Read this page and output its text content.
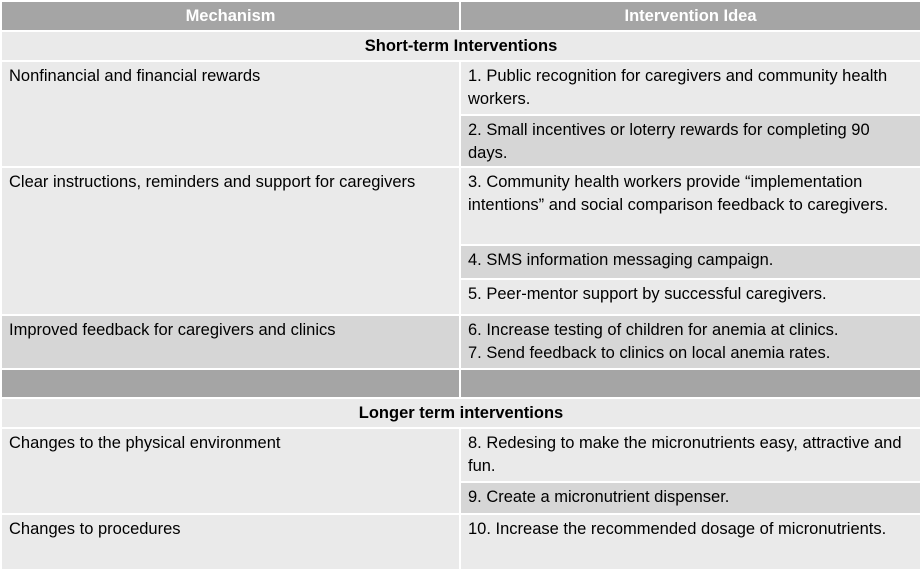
Mechanism	Intervention Idea
Short-term Interventions	
Nonfinancial and financial rewards	1. Public recognition for caregivers and community health workers.
	2. Small incentives or loterry rewards for completing 90 days.
Clear instructions, reminders and support for caregivers	3. Community health workers provide “implementation intentions” and social comparison feedback to caregivers.
	4. SMS information messaging campaign.
	5. Peer-mentor support by successful caregivers.
Improved feedback for caregivers and clinics	6. Increase testing of children for anemia at clinics.
7. Send feedback to clinics on local anemia rates.

Longer term interventions	
Changes to the physical environment	8. Redesing to make the micronutrients easy, attractive and fun.
	9. Create a micronutrient dispenser.
Changes to procedures	10. Increase the recommended dosage of micronutrients.
